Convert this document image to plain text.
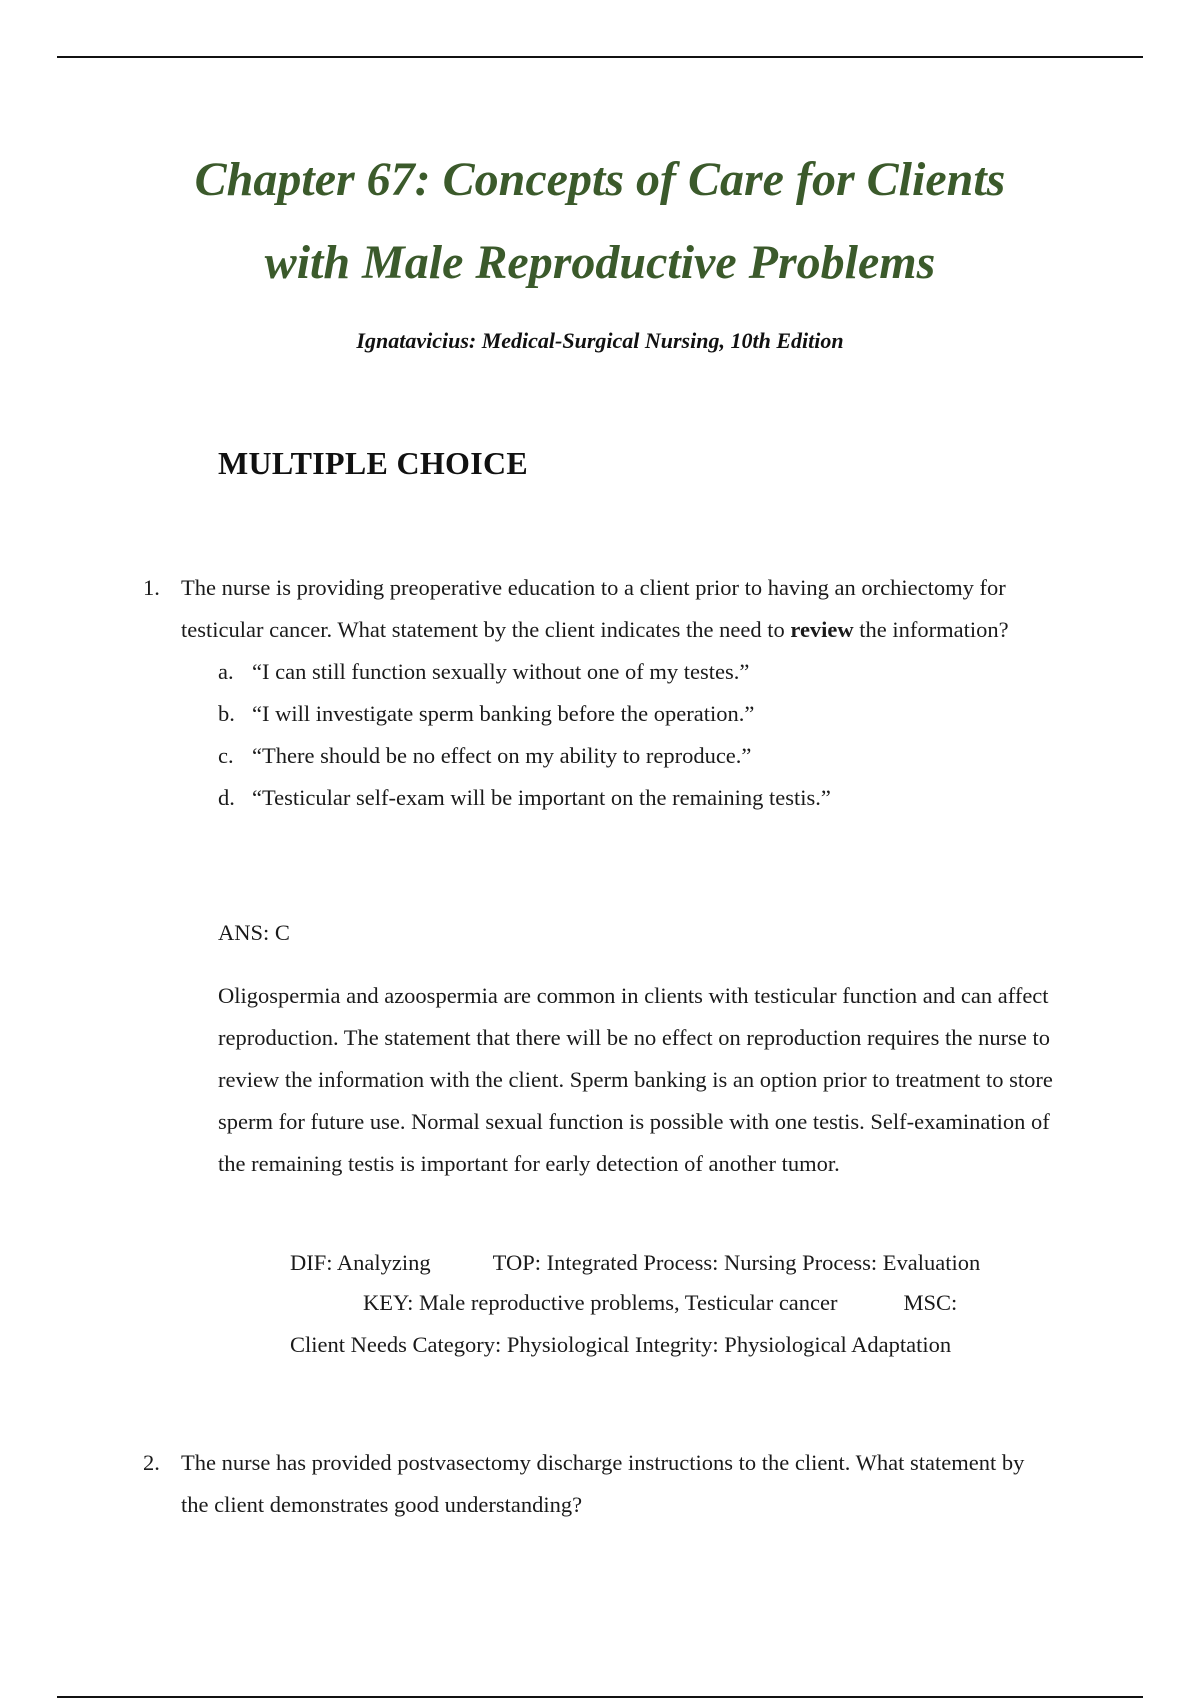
Chapter 67: Concepts of Care for Clients
with Male Reproductive Problems
Ignatavicius: Medical-Surgical Nursing, 10th Edition
MULTIPLE CHOICE
1. The nurse is providing preoperative education to a client prior to having an orchiectomy for testicular cancer. What statement by the client indicates the need to review the information?
a. “I can still function sexually without one of my testes.”
b. “I will investigate sperm banking before the operation.”
c. “There should be no effect on my ability to reproduce.”
d. “Testicular self-exam will be important on the remaining testis.”
ANS: C

Oligospermia and azoospermia are common in clients with testicular function and can affect reproduction. The statement that there will be no effect on reproduction requires the nurse to review the information with the client. Sperm banking is an option prior to treatment to store sperm for future use. Normal sexual function is possible with one testis. Self-examination of the remaining testis is important for early detection of another tumor.

DIF: Analyzing	TOP: Integrated Process: Nursing Process: Evaluation
KEY: Male reproductive problems, Testicular cancer	MSC:
Client Needs Category: Physiological Integrity: Physiological Adaptation
2. The nurse has provided postvasectomy discharge instructions to the client. What statement by the client demonstrates good understanding?
